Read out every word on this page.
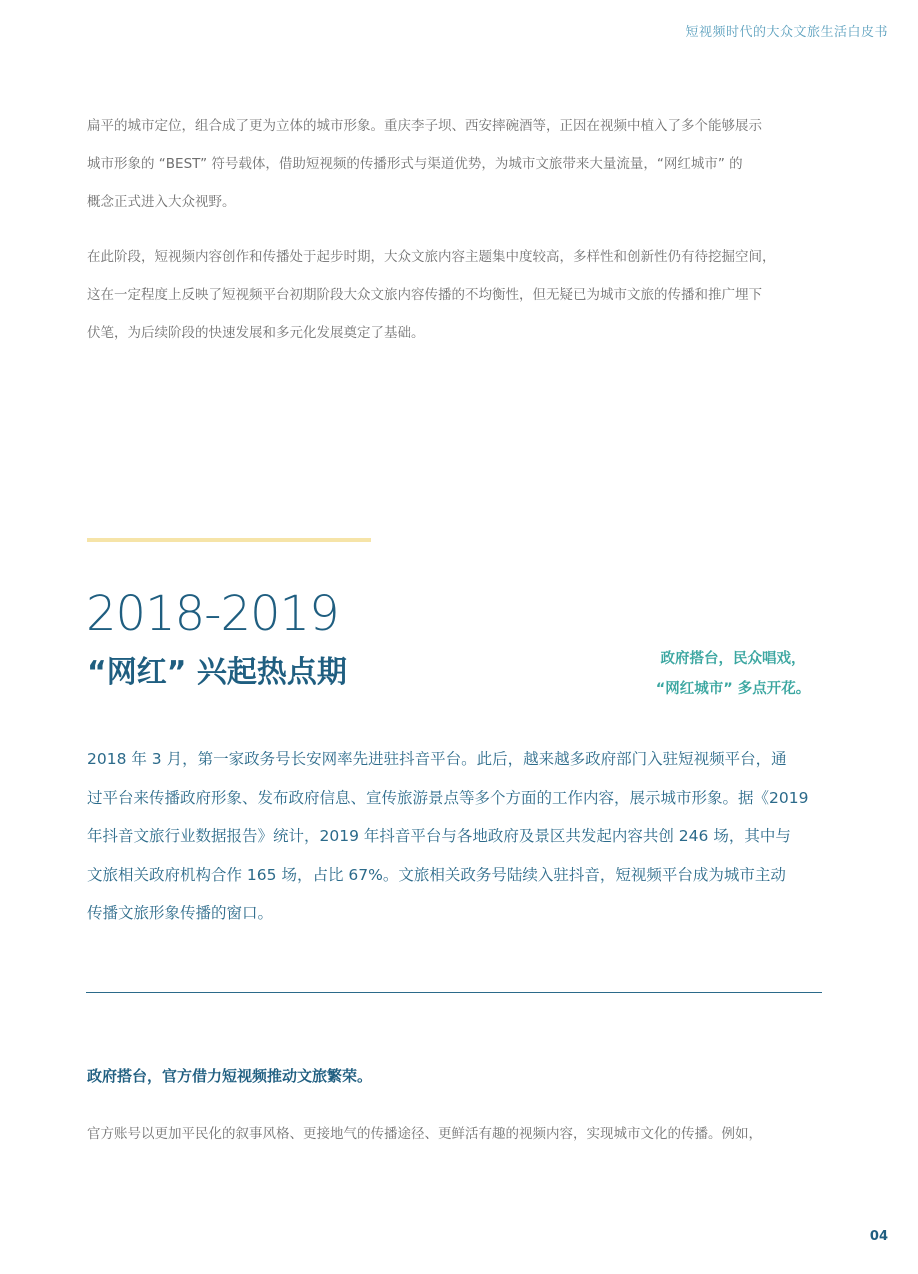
短视频时代的大众文旅生活白皮书

扁平的城市定位，组合成了更为立体的城市形象。重庆李子坝、西安摔碗酒等，正因在视频中植入了多个能够展示

城市形象的 “BEST” 符号载体，借助短视频的传播形式与渠道优势，为城市文旅带来大量流量，“网红城市” 的

概念正式进入大众视野。

在此阶段，短视频内容创作和传播处于起步时期，大众文旅内容主题集中度较高，多样性和创新性仍有待挖掘空间，

这在一定程度上反映了短视频平台初期阶段大众文旅内容传播的不均衡性，但无疑已为城市文旅的传播和推广埋下

伏笔，为后续阶段的快速发展和多元化发展奠定了基础。

2018-2019
“网红” 兴起热点期	政府搭台，民众唱戏，
“网红城市” 多点开花。
2018 年 3 月，第一家政务号长安网率先进驻抖音平台。此后，越来越多政府部门入驻短视频平台，通
过平台来传播政府形象、发布政府信息、宣传旅游景点等多个方面的工作内容，展示城市形象。据《2019
年抖音文旅行业数据报告》统计，2019 年抖音平台与各地政府及景区共发起内容共创 246 场，其中与
文旅相关政府机构合作 165 场，占比 67%。文旅相关政务号陆续入驻抖音，短视频平台成为城市主动
传播文旅形象传播的窗口。
政府搭台，官方借力短视频推动文旅繁荣。
官方账号以更加平民化的叙事风格、更接地气的传播途径、更鲜活有趣的视频内容，实现城市文化的传播。例如，
04
